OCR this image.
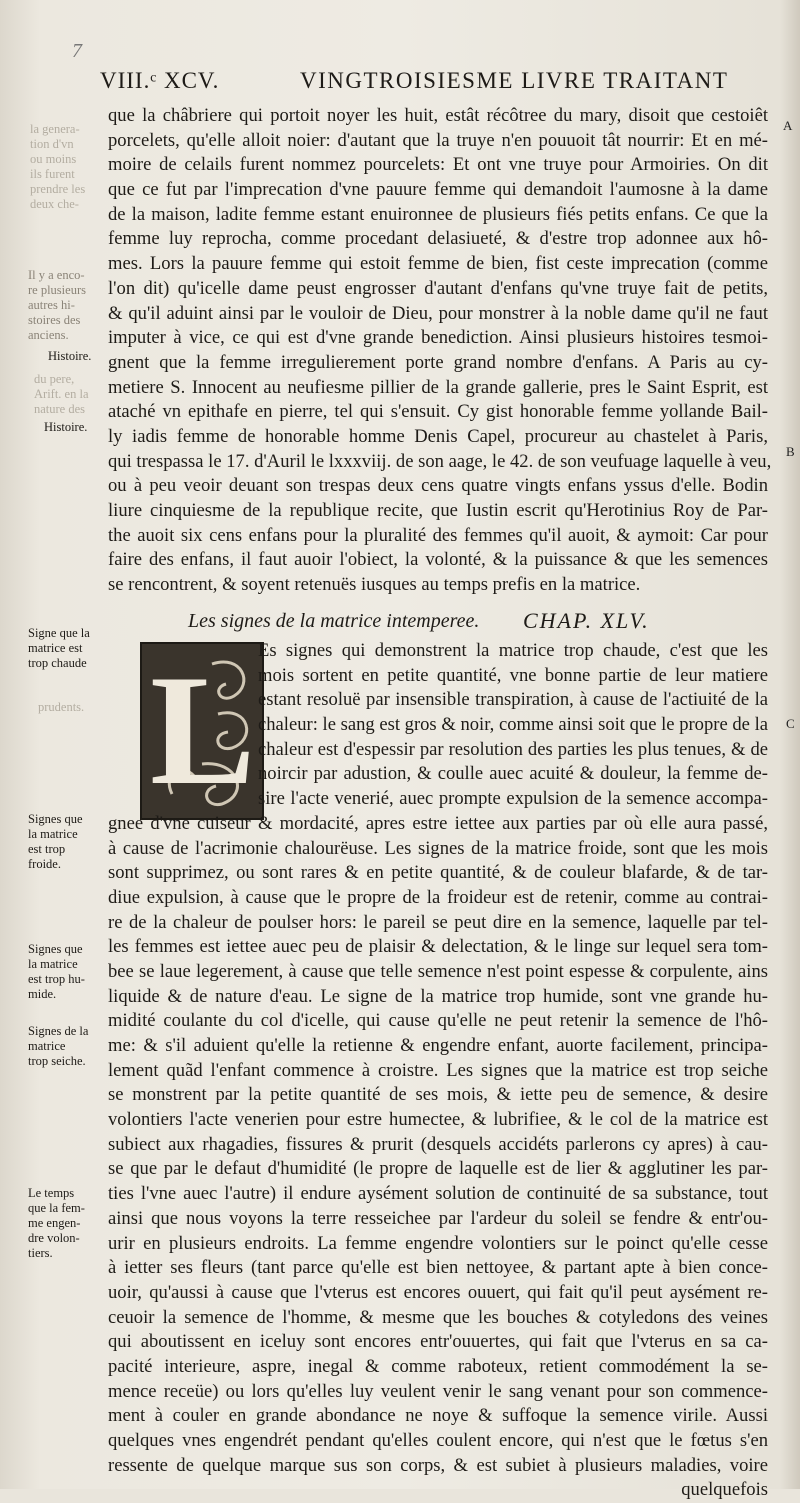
7
VIII.ᶜ XCV.	VINGTROISIESME LIVRE TRAITANT
la genera-
tion d'vn
ou moins
ils furent
prendre les
deux che-
Il y a enco-
re plusieurs
autres hi-
stoires des
anciens.
Histoire.
du pere,
Arift. en la
nature des
Histoire.
que la châbriere qui portoit noyer les huit, estât récôtree du mary, disoit que cestoiêt
porcelets, qu'elle alloit noier: d'autant que la truye n'en pouuoit tât nourrir: Et en mé-
moire de celails furent nommez pourcelets: Et ont vne truye pour Armoiries. On dit
que ce fut par l'imprecation d'vne pauure femme qui demandoit l'aumosne à la dame
de la maison, ladite femme estant enuironnee de plusieurs fiés petits enfans. Ce que la
femme luy reprocha, comme procedant delasiueté, & d'estre trop adonnee aux hô-
mes. Lors la pauure femme qui estoit femme de bien, fist ceste imprecation (comme
l'on dit) qu'icelle dame peust engrosser d'autant d'enfans qu'vne truye fait de petits,
& qu'il aduint ainsi par le vouloir de Dieu, pour monstrer à la noble dame qu'il ne faut
imputer à vice, ce qui est d'vne grande benediction. Ainsi plusieurs histoires tesmoi-
gnent que la femme irregulierement porte grand nombre d'enfans. A Paris au cy-
metiere S. Innocent au neufiesme pillier de la grande gallerie, pres le Saint Esprit, est
ataché vn epithafe en pierre, tel qui s'ensuit. Cy gist honorable femme yollande Bail-
ly iadis femme de honorable homme Denis Capel, procureur au chastelet à Paris,
qui trespassa le 17. d'Auril le lxxxviij. de son aage, le 42. de son veufuage laquelle à veu,
ou à peu veoir deuant son trespas deux cens quatre vingts enfans yssus d'elle. Bodin
liure cinquiesme de la republique recite, que Iustin escrit qu'Herotinius Roy de Par-
the auoit six cens enfans pour la pluralité des femmes qu'il auoit, & aymoit: Car pour
faire des enfans, il faut auoir l'obiect, la volonté, & la puissance & que les semences
se rencontrent, & soyent retenuës iusques au temps prefis en la matrice.
A
B
C
Les signes de la matrice intemperee. CHAP. XLV.
Signe que la
matrice est
trop chaude
prudents. L Es signes qui demonstrent la matrice trop chaude, c'est que les
mois sortent en petite quantité, vne bonne partie de leur matiere
estant resoluë par insensible transpiration, à cause de l'actiuité de la
chaleur: le sang est gros & noir, comme ainsi soit que le propre de la
chaleur est d'espessir par resolution des parties les plus tenues, & de
noircir par adustion, & coulle auec acuité & douleur, la femme de-
sire l'acte venerié, auec prompte expulsion de la semence accompa-
gnee d'vne cuiseur & mordacité, apres estre iettee aux parties par où elle aura passé,
à cause de l'acrimonie chalourëuse. Les signes de la matrice froide, sont que les mois
sont supprimez, ou sont rares & en petite quantité, & de couleur blafarde, & de tar-
diue expulsion, à cause que le propre de la froideur est de retenir, comme au contrai-
re de la chaleur de poulser hors: le pareil se peut dire en la semence, laquelle par tel-
les femmes est iettee auec peu de plaisir & delectation, & le linge sur lequel sera tom-
bee se laue legerement, à cause que telle semence n'est point espesse & corpulente, ains
liquide & de nature d'eau. Le signe de la matrice trop humide, sont vne grande hu-
midité coulante du col d'icelle, qui cause qu'elle ne peut retenir la semence de l'hô-
me: & s'il aduient qu'elle la retienne & engendre enfant, auorte facilement, principa-
lement quãd l'enfant commence à croistre. Les signes que la matrice est trop seiche
se monstrent par la petite quantité de ses mois, & iette peu de semence, & desire
volontiers l'acte venerien pour estre humectee, & lubrifiee, & le col de la matrice est
subiect aux rhagadies, fissures & prurit (desquels accidéts parlerons cy apres) à cau-
se que par le defaut d'humidité (le propre de laquelle est de lier & agglutiner les par-
ties l'vne auec l'autre) il endure aysément solution de continuité de sa substance, tout
ainsi que nous voyons la terre resseichee par l'ardeur du soleil se fendre & entr'ou-
urir en plusieurs endroits. La femme engendre volontiers sur le poinct qu'elle cesse
à ietter ses fleurs (tant parce qu'elle est bien nettoyee, & partant apte à bien conce-
uoir, qu'aussi à cause que l'vterus est encores ouuert, qui fait qu'il peut aysément re-
ceuoir la semence de l'homme, & mesme que les bouches & cotyledons des veines
qui aboutissent en iceluy sont encores entr'ouuertes, qui fait que l'vterus en sa ca-
pacité interieure, aspre, inegal & comme raboteux, retient commodément la se-
mence receüe) ou lors qu'elles luy veulent venir le sang venant pour son commence-
ment à couler en grande abondance ne noye & suffoque la semence virile. Aussi
quelques vnes engendrét pendant qu'elles coulent encore, qui n'est que le fœtus s'en
ressente de quelque marque sus son corps, & est subiet à plusieurs maladies, voire
quelquefois
Signes que
la matrice
est trop
froide.
Signes que
la matrice
est trop hu-
mide.
Signes de la
matrice
trop seiche.
Le temps
que la fem-
me engen-
dre volon-
tiers.
